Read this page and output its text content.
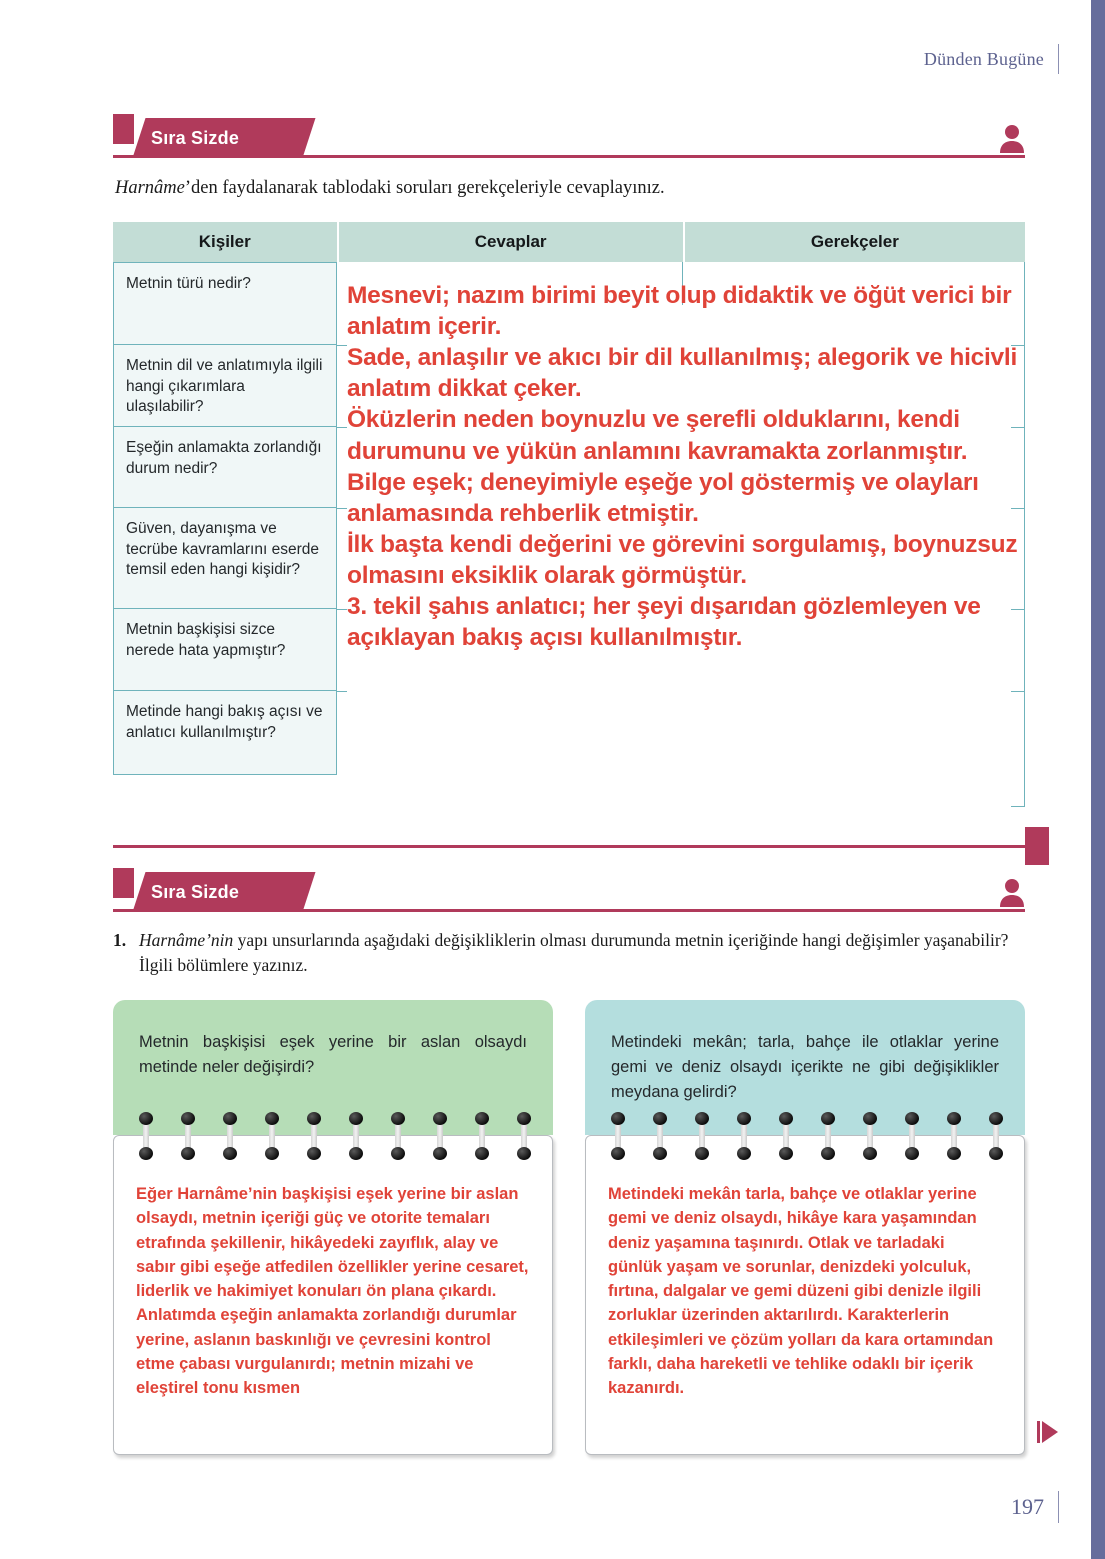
Dünden Bugüne
Sıra Sizde
Harnâme’den faydalanarak tablodaki soruları gerekçeleriyle cevaplayınız.
Kişiler	Cevaplar	Gerekçeler
Metnin türü nedir?
Metnin dil ve anlatımıyla ilgili hangi çıkarımlara ulaşılabilir?
Eşeğin anlamakta zorlandığı durum nedir?
Güven, dayanışma ve tecrübe kavramlarını eserde temsil eden hangi kişidir?
Metnin başkişisi sizce nerede hata yapmıştır?
Metinde hangi bakış açısı ve anlatıcı kullanılmıştır?

Mesnevi; nazım birimi beyit olup didaktik ve öğüt verici bir anlatım içerir.

Sade, anlaşılır ve akıcı bir dil kullanılmış; alegorik ve hicivli anlatım dikkat çeker.

Öküzlerin neden boynuzlu ve şerefli olduklarını, kendi durumunu ve yükün anlamını kavramakta zorlanmıştır.

Bilge eşek; deneyimiyle eşeğe yol göstermiş ve olayları anlamasında rehberlik etmiştir.

İlk başta kendi değerini ve görevini sorgulamış, boynuzsuz olmasını eksiklik olarak görmüştür.

3. tekil şahıs anlatıcı; her şeyi dışarıdan gözlemleyen ve açıklayan bakış açısı kullanılmıştır.

Sıra Sizde
1. Harnâme’nin yapı unsurlarında aşağıdaki değişikliklerin olması durumunda metnin içeriğinde hangi değişimler yaşanabilir? İlgili bölümlere yazınız.
Metnin başkişisi eşek yerine bir aslan olsaydı metinde neler değişirdi?

Eğer Harnâme’nin başkişisi eşek yerine bir aslan olsaydı, metnin içeriği güç ve otorite temaları etrafında şekillenir, hikâyedeki zayıflık, alay ve sabır gibi eşeğe atfedilen özellikler yerine cesaret, liderlik ve hakimiyet konuları ön plana çıkardı. Anlatımda eşeğin anlamakta zorlandığı durumlar yerine, aslanın baskınlığı ve çevresini kontrol etme çabası vurgulanırdı; metnin mizahi ve eleştirel tonu kısmen

Metindeki mekân; tarla, bahçe ile otlaklar yerine gemi ve deniz olsaydı içerikte ne gibi değişiklikler meydana gelirdi?

Metindeki mekân tarla, bahçe ve otlaklar yerine gemi ve deniz olsaydı, hikâye kara yaşamından deniz yaşamına taşınırdı. Otlak ve tarladaki günlük yaşam ve sorunlar, denizdeki yolculuk, fırtına, dalgalar ve gemi düzeni gibi denizle ilgili zorluklar üzerinden aktarılırdı. Karakterlerin etkileşimleri ve çözüm yolları da kara ortamından farklı, daha hareketli ve tehlike odaklı bir içerik kazanırdı.

197
